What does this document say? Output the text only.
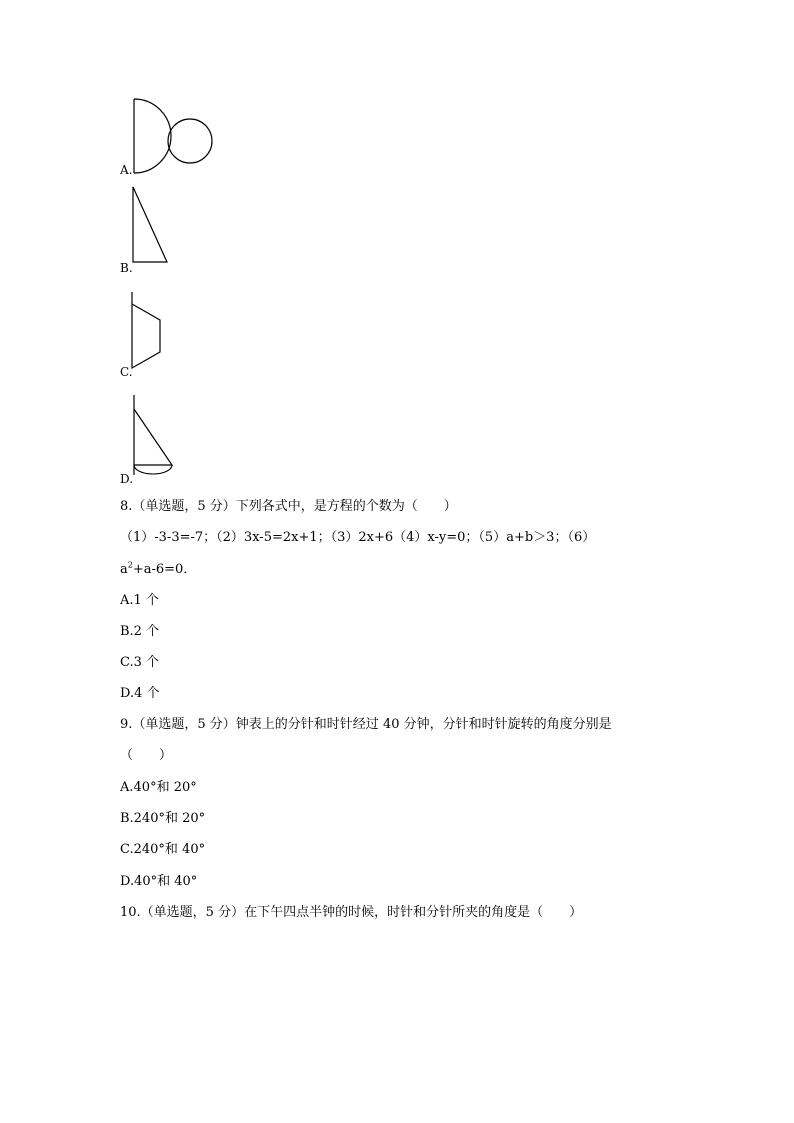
A.
B.
C.
D.
8.（单选题，5 分）下列各式中，是方程的个数为（　　）
（1）-3-3=-7；（2）3x-5=2x+1；（3）2x+6（4）x-y=0；（5）a+b＞3；（6）
$a^2+a-6=0$．
A.1 个
B.2 个
C.3 个
D.4 个
9.（单选题，5 分）钟表上的分针和时针经过 40 分钟，分针和时针旋转的角度分别是
（　　）
A.40°和 20°
B.240°和 20°
C.240°和 40°
D.40°和 40°
10.（单选题，5 分）在下午四点半钟的时候，时针和分针所夹的角度是（　　）
